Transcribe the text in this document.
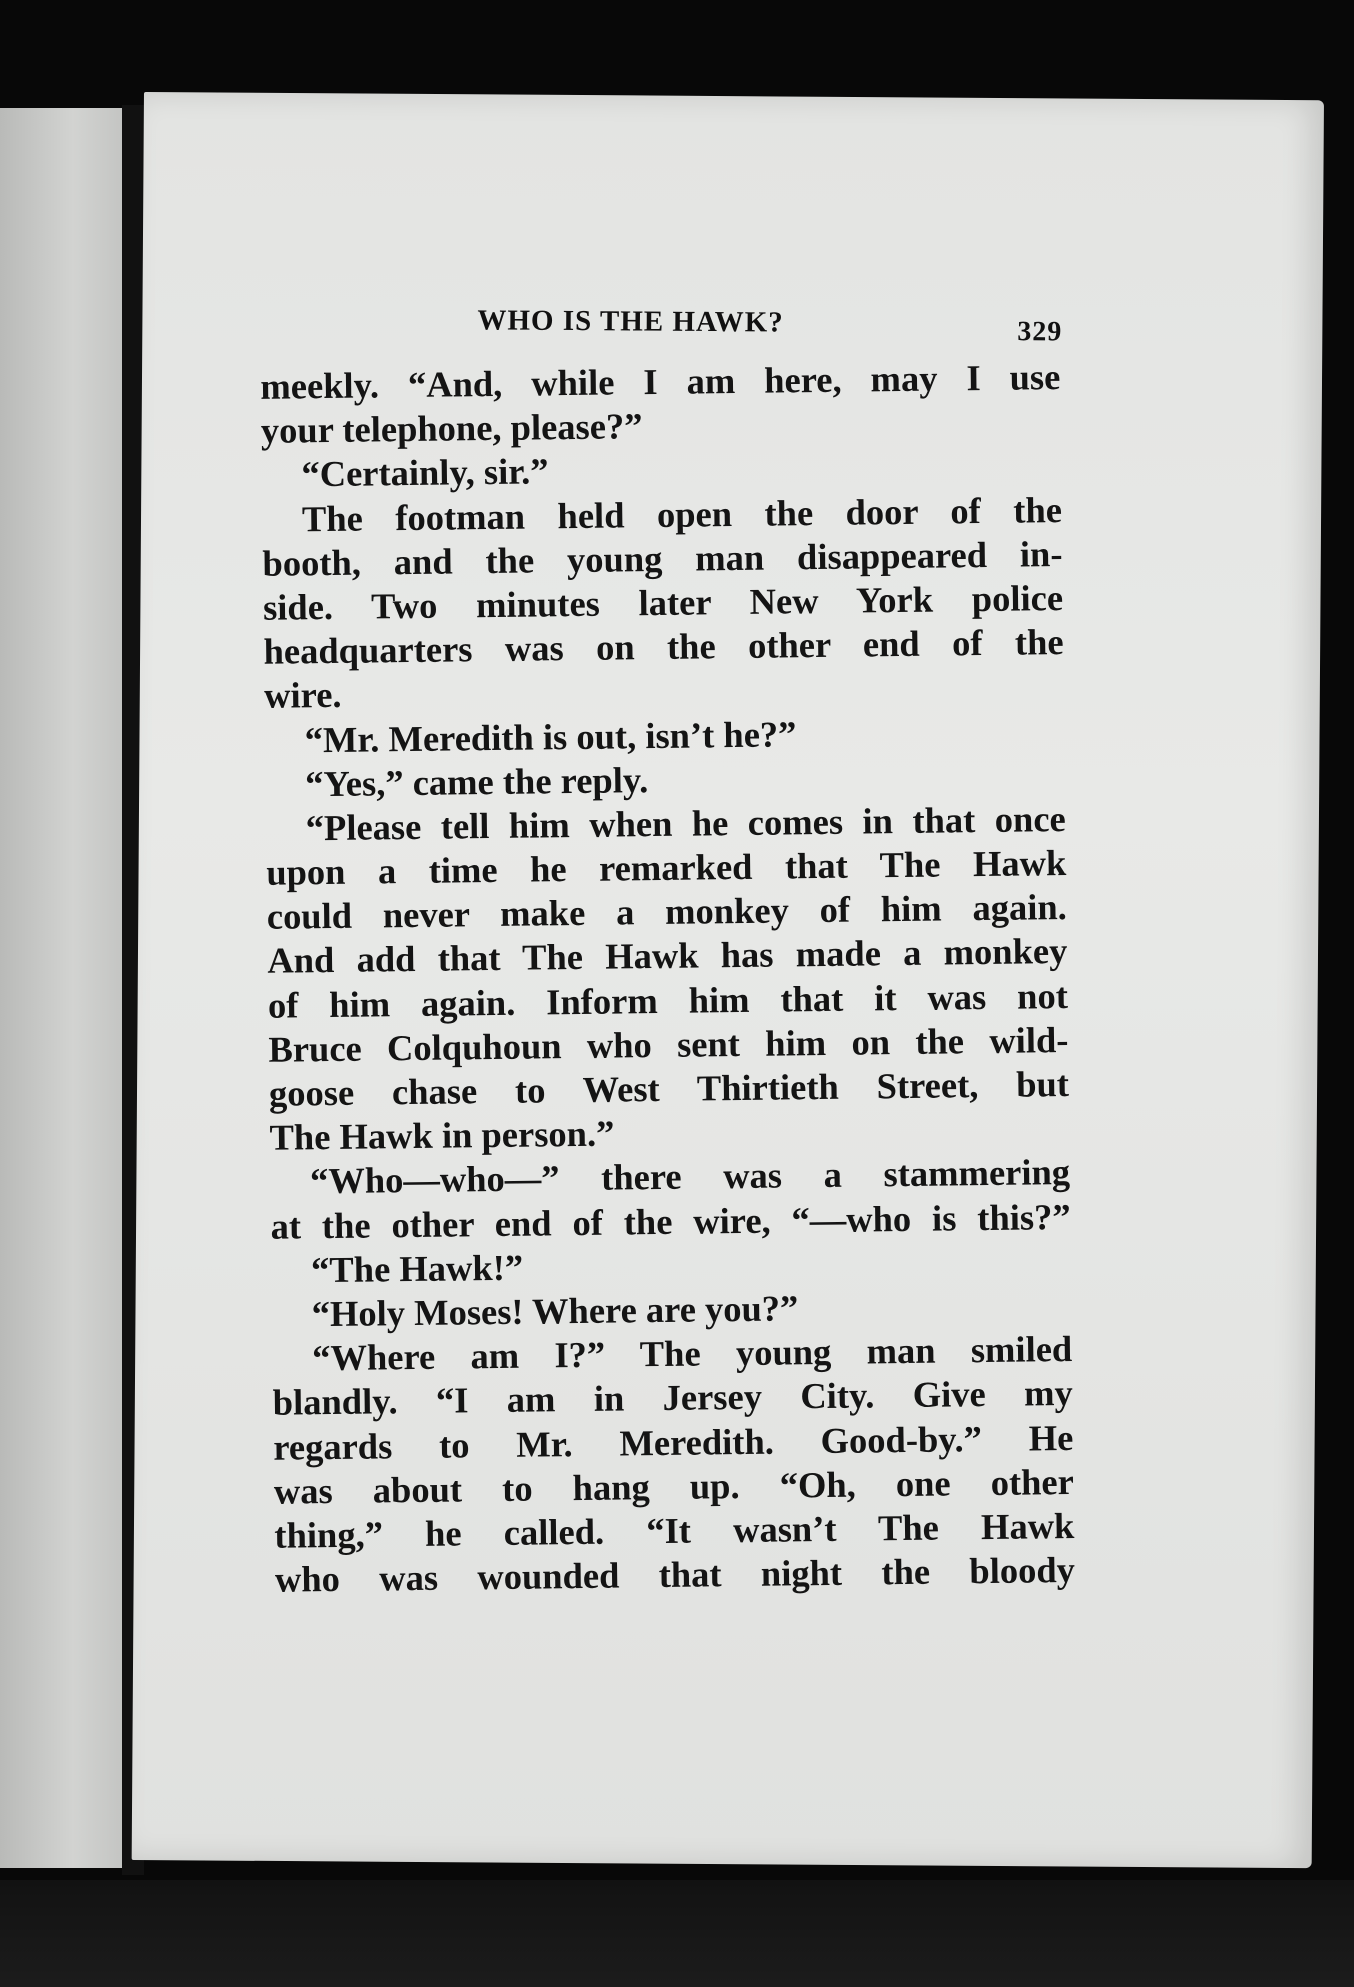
WHO IS THE HAWK?	329
meekly. “And, while I am here, may I use
your telephone, please?”
“Certainly, sir.”
The footman held open the door of the
booth, and the young man disappeared in-
side. Two minutes later New York police
headquarters was on the other end of the
wire.
“Mr. Meredith is out, isn’t he?”
“Yes,” came the reply.
“Please tell him when he comes in that once
upon a time he remarked that The Hawk
could never make a monkey of him again.
And add that The Hawk has made a monkey
of him again. Inform him that it was not
Bruce Colquhoun who sent him on the wild-
goose chase to West Thirtieth Street, but
The Hawk in person.”
“Who—who—” there was a stammering
at the other end of the wire, “—who is this?”
“The Hawk!”
“Holy Moses! Where are you?”
“Where am I?” The young man smiled
blandly. “I am in Jersey City. Give my
regards to Mr. Meredith. Good-by.” He
was about to hang up. “Oh, one other
thing,” he called. “It wasn’t The Hawk
who was wounded that night the bloody
